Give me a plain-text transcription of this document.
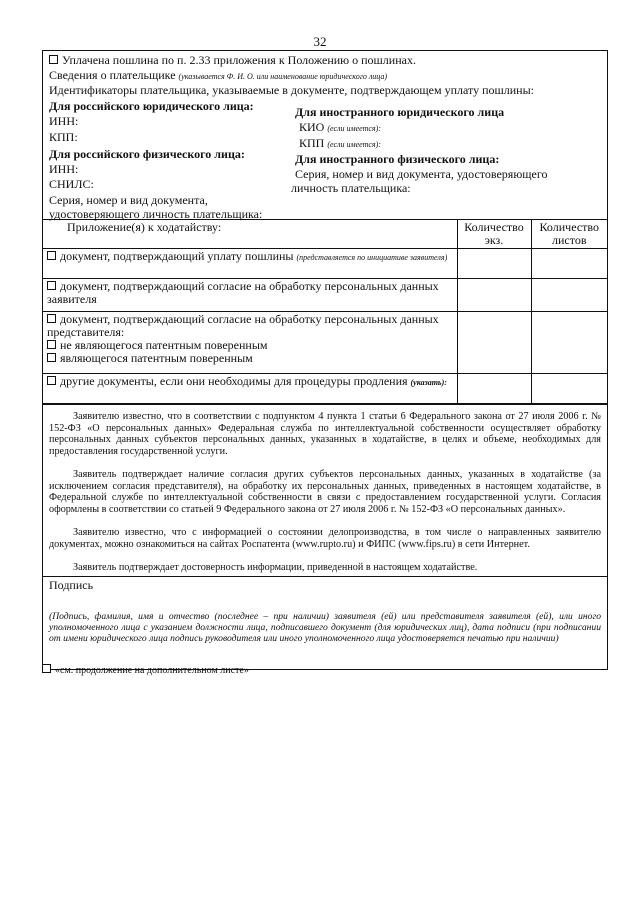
32
Уплачена пошлина по п. 2.33 приложения к Положению о пошлинах.
Сведения о плательщике (указывается Ф. И. О. или наименование юридического лица)
Идентификаторы плательщика, указываемые в документе, подтверждающем уплату пошлины:
Для российского юридического лица:
ИНН:
КПП:
Для российского физического лица:
ИНН:
СНИЛС:
Серия, номер и вид документа,
удостоверяющего личность плательщика:
Для иностранного юридического лица
КИО (если имеется):
КПП (если имеется):
Для иностранного физического лица:
Серия, номер и вид документа, удостоверяющего
личность плательщика:
Приложение(я) к ходатайству:	Количество экз.	Количество листов
документ, подтверждающий уплату пошлины (представляется по инициативе заявителя)		
документ, подтверждающий согласие на обработку персональных данных заявителя		
документ, подтверждающий согласие на обработку персональных данных представителя:
не являющегося патентным поверенным
являющегося патентным поверенным		
другие документы, если они необходимы для процедуры продления (указать):		

Заявителю известно, что в соответствии с подпунктом 4 пункта 1 статьи 6 Федерального закона от 27 июля 2006 г. № 152-ФЗ «О персональных данных» Федеральная служба по интеллектуальной собственности осуществляет обработку персональных данных субъектов персональных данных, указанных в ходатайстве, в целях и объеме, необходимых для предоставления государственной услуги.

Заявитель подтверждает наличие согласия других субъектов персональных данных, указанных в ходатайстве (за исключением согласия представителя), на обработку их персональных данных, приведенных в настоящем ходатайстве, в Федеральной службе по интеллектуальной собственности в связи с предоставлением государственной услуги. Согласия оформлены в соответствии со статьей 9 Федерального закона от 27 июля 2006 г. № 152-ФЗ «О персональных данных».

Заявителю известно, что с информацией о состоянии делопроизводства, в том числе о направленных заявителю документах, можно ознакомиться на сайтах Роспатента (www.rupto.ru) и ФИПС (www.fips.ru) в сети Интернет.

Заявитель подтверждает достоверность информации, приведенной в настоящем ходатайстве.

Подпись
(Подпись, фамилия, имя и отчество (последнее – при наличии) заявителя (ей) или представителя заявителя (ей), или иного уполномоченного лица с указанием должности лица, подписавшего документ (для юридических лиц), дата подписи (при подписании от имени юридического лица подпись руководителя или иного уполномоченного лица удостоверяется печатью при наличии)
«см. продолжение на дополнительном листе»
